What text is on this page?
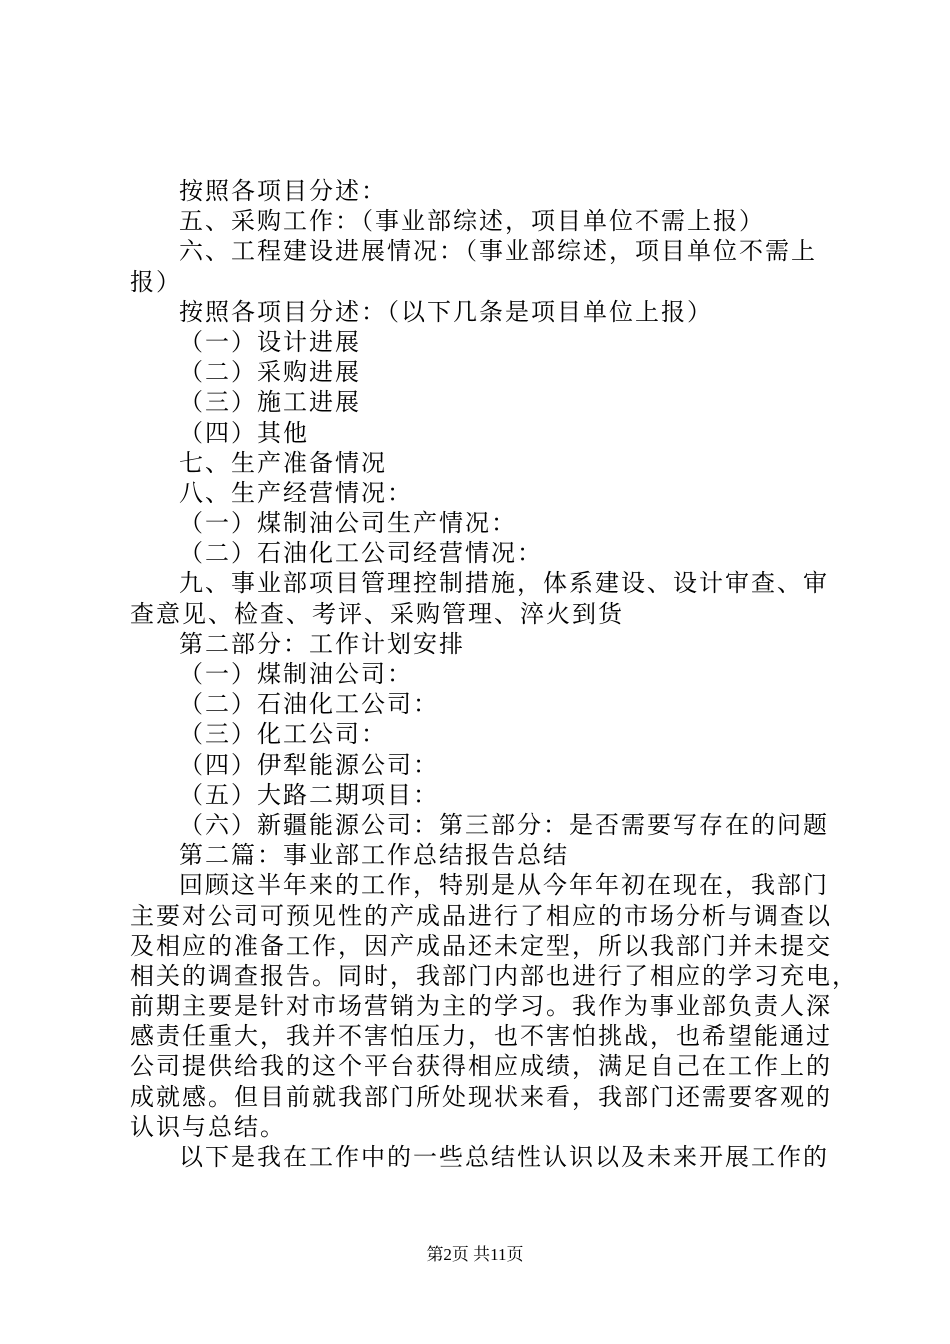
按照各项目分述：
五、采购工作：（事业部综述，项目单位不需上报）
六、工程建设进展情况：（事业部综述，项目单位不需上
报）
按照各项目分述：（以下几条是项目单位上报）
（一）设计进展
（二）采购进展
（三）施工进展
（四）其他
七、生产准备情况
八、生产经营情况：
（一）煤制油公司生产情况：
（二）石油化工公司经营情况：
九、事业部项目管理控制措施，体系建设、设计审查、审
查意见、检查、考评、采购管理、淬火到货
第二部分：工作计划安排
（一）煤制油公司：
（二）石油化工公司：
（三）化工公司：
（四）伊犁能源公司：
（五）大路二期项目：
（六）新疆能源公司：第三部分：是否需要写存在的问题
第二篇：事业部工作总结报告总结
回顾这半年来的工作，特别是从今年年初在现在，我部门
主要对公司可预见性的产成品进行了相应的市场分析与调查以
及相应的准备工作，因产成品还未定型，所以我部门并未提交
相关的调查报告。同时，我部门内部也进行了相应的学习充电，
前期主要是针对市场营销为主的学习。我作为事业部负责人深
感责任重大，我并不害怕压力，也不害怕挑战，也希望能通过
公司提供给我的这个平台获得相应成绩，满足自己在工作上的
成就感。但目前就我部门所处现状来看，我部门还需要客观的
认识与总结。
以下是我在工作中的一些总结性认识以及未来开展工作的
第2页 共11页
